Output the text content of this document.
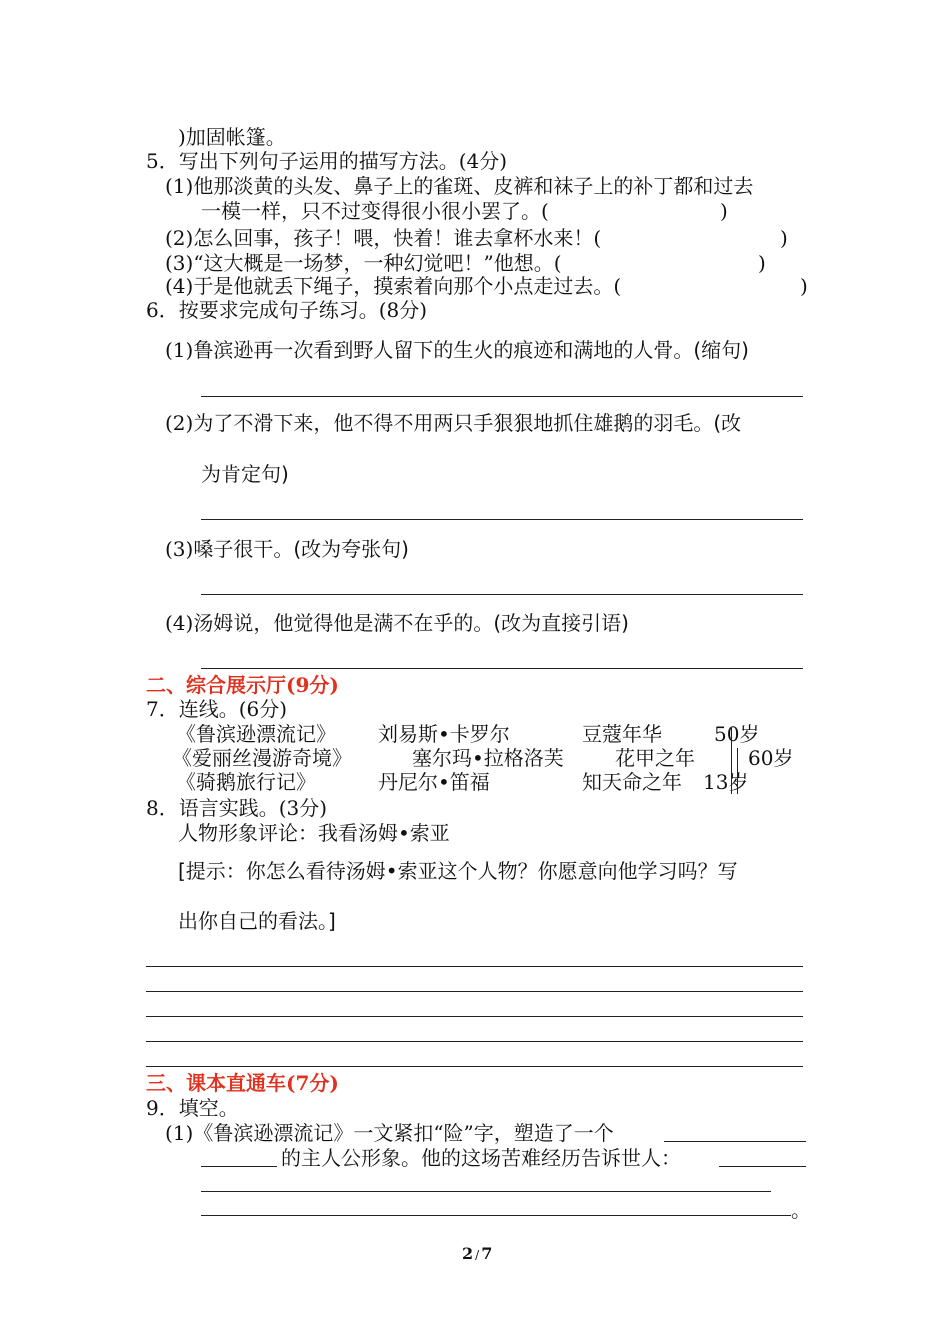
)加固帐篷。
5．写出下列句子运用的描写方法。(4分)
(1)他那淡黄的头发、鼻子上的雀斑、皮裤和袜子上的补丁都和过去
一模一样，只不过变得很小很小罢了。(	)
(2)怎么回事，孩子！喂，快着！谁去拿杯水来！(	)
(3)“这大概是一场梦，一种幻觉吧！”他想。(	)
(4)于是他就丢下绳子，摸索着向那个小点走过去。(	)
6．按要求完成句子练习。(8分)
(1)鲁滨逊再一次看到野人留下的生火的痕迹和满地的人骨。(缩句)
(2)为了不滑下来，他不得不用两只手狠狠地抓住雄鹅的羽毛。(改
为肯定句)
(3)嗓子很干。(改为夸张句)
(4)汤姆说，他觉得他是满不在乎的。(改为直接引语)
二、综合展示厅(9分)
7．连线。(6分)
《鲁滨逊漂流记》 刘易斯•卡罗尔	豆蔻年华	50岁
《爱丽丝漫游奇境》	塞尔玛•拉格洛芙	花甲之年	60岁
《骑鹅旅行记》	丹尼尔•笛福	知天命之年 13岁
8．语言实践。(3分)
人物形象评论：我看汤姆•索亚
[提示：你怎么看待汤姆•索亚这个人物？你愿意向他学习吗？写
出你自己的看法。]
三、课本直通车(7分)
9．填空。
(1)《鲁滨逊漂流记》一文紧扣“险”字，塑造了一个
的主人公形象。他的这场苦难经历告诉世人：
。
2 / 7
